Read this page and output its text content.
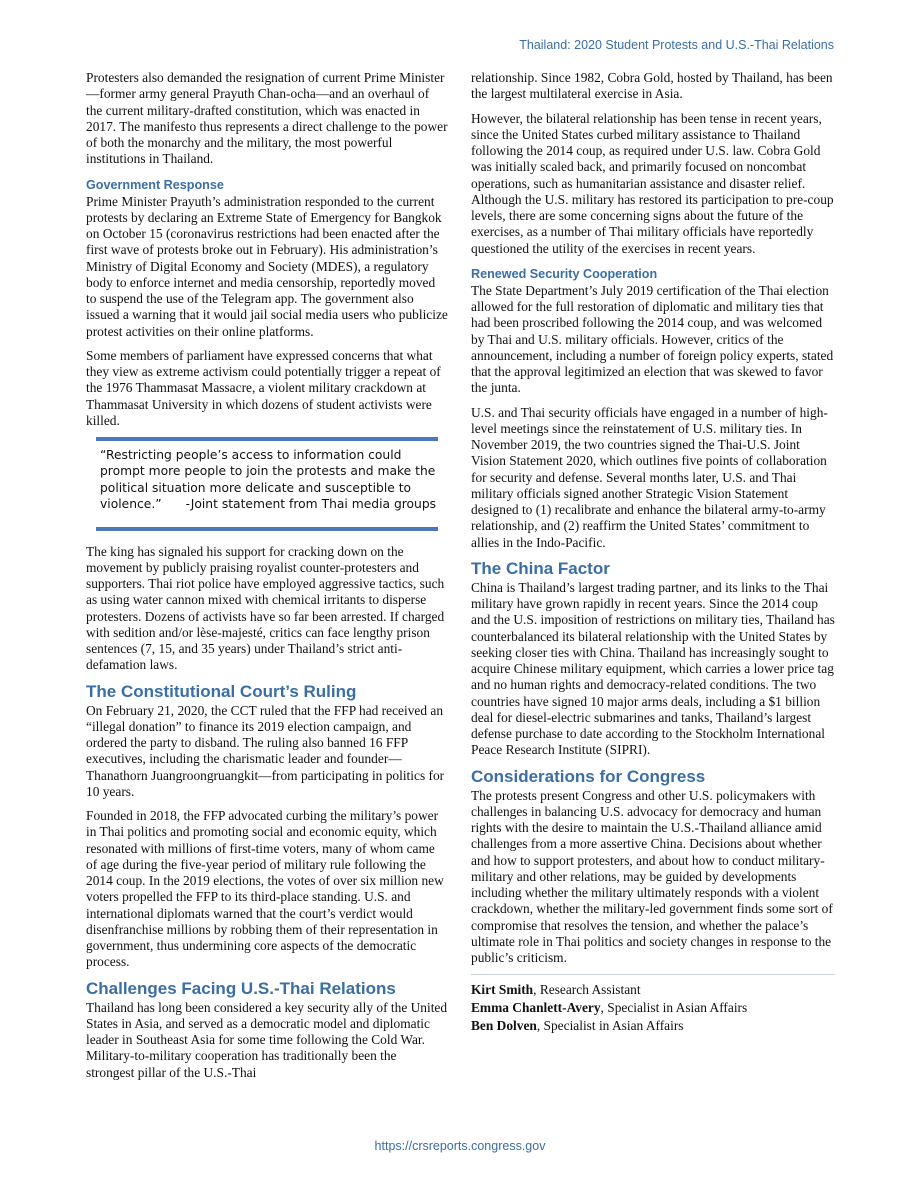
Thailand: 2020 Student Protests and U.S.-Thai Relations

Protesters also demanded the resignation of current Prime Minister—former army general Prayuth Chan-ocha—and an overhaul of the current military-drafted constitution, which was enacted in 2017. The manifesto thus represents a direct challenge to the power of both the monarchy and the military, the most powerful institutions in Thailand.

Government Response

Prime Minister Prayuth’s administration responded to the current protests by declaring an Extreme State of Emergency for Bangkok on October 15 (coronavirus restrictions had been enacted after the first wave of protests broke out in February). His administration’s Ministry of Digital Economy and Society (MDES), a regulatory body to enforce internet and media censorship, reportedly moved to suspend the use of the Telegram app. The government also issued a warning that it would jail social media users who publicize protest activities on their online platforms.

Some members of parliament have expressed concerns that what they view as extreme activism could potentially trigger a repeat of the 1976 Thammasat Massacre, a violent military crackdown at Thammasat University in which dozens of student activists were killed.

“Restricting people’s access to information could prompt more people to join the protests and make the political situation more delicate and susceptible to violence.” -Joint statement from Thai media groups

The king has signaled his support for cracking down on the movement by publicly praising royalist counter-protesters and supporters. Thai riot police have employed aggressive tactics, such as using water cannon mixed with chemical irritants to disperse protesters. Dozens of activists have so far been arrested. If charged with sedition and/or lèse-majesté, critics can face lengthy prison sentences (7, 15, and 35 years) under Thailand’s strict anti-defamation laws.

The Constitutional Court’s Ruling

On February 21, 2020, the CCT ruled that the FFP had received an “illegal donation” to finance its 2019 election campaign, and ordered the party to disband. The ruling also banned 16 FFP executives, including the charismatic leader and founder—Thanathorn Juangroongruangkit—from participating in politics for 10 years.

Founded in 2018, the FFP advocated curbing the military’s power in Thai politics and promoting social and economic equity, which resonated with millions of first-time voters, many of whom came of age during the five-year period of military rule following the 2014 coup. In the 2019 elections, the votes of over six million new voters propelled the FFP to its third-place standing. U.S. and international diplomats warned that the court’s verdict would disenfranchise millions by robbing them of their representation in government, thus undermining core aspects of the democratic process.

Challenges Facing U.S.-Thai Relations

Thailand has long been considered a key security ally of the United States in Asia, and served as a democratic model and diplomatic leader in Southeast Asia for some time following the Cold War. Military-to-military cooperation has traditionally been the strongest pillar of the U.S.-Thai

relationship. Since 1982, Cobra Gold, hosted by Thailand, has been the largest multilateral exercise in Asia.

However, the bilateral relationship has been tense in recent years, since the United States curbed military assistance to Thailand following the 2014 coup, as required under U.S. law. Cobra Gold was initially scaled back, and primarily focused on noncombat operations, such as humanitarian assistance and disaster relief. Although the U.S. military has restored its participation to pre-coup levels, there are some concerning signs about the future of the exercises, as a number of Thai military officials have reportedly questioned the utility of the exercises in recent years.

Renewed Security Cooperation

The State Department’s July 2019 certification of the Thai election allowed for the full restoration of diplomatic and military ties that had been proscribed following the 2014 coup, and was welcomed by Thai and U.S. military officials. However, critics of the announcement, including a number of foreign policy experts, stated that the approval legitimized an election that was skewed to favor the junta.

U.S. and Thai security officials have engaged in a number of high-level meetings since the reinstatement of U.S. military ties. In November 2019, the two countries signed the Thai-U.S. Joint Vision Statement 2020, which outlines five points of collaboration for security and defense. Several months later, U.S. and Thai military officials signed another Strategic Vision Statement designed to (1) recalibrate and enhance the bilateral army-to-army relationship, and (2) reaffirm the United States’ commitment to allies in the Indo-Pacific.

The China Factor

China is Thailand’s largest trading partner, and its links to the Thai military have grown rapidly in recent years. Since the 2014 coup and the U.S. imposition of restrictions on military ties, Thailand has counterbalanced its bilateral relationship with the United States by seeking closer ties with China. Thailand has increasingly sought to acquire Chinese military equipment, which carries a lower price tag and no human rights and democracy-related conditions. The two countries have signed 10 major arms deals, including a $1 billion deal for diesel-electric submarines and tanks, Thailand’s largest defense purchase to date according to the Stockholm International Peace Research Institute (SIPRI).

Considerations for Congress

The protests present Congress and other U.S. policymakers with challenges in balancing U.S. advocacy for democracy and human rights with the desire to maintain the U.S.-Thailand alliance amid challenges from a more assertive China. Decisions about whether and how to support protesters, and about how to conduct military-military and other relations, may be guided by developments including whether the military ultimately responds with a violent crackdown, whether the military-led government finds some sort of compromise that resolves the tension, and whether the palace’s ultimate role in Thai politics and society changes in response to the public’s criticism.

Kirt Smith, Research Assistant
Emma Chanlett-Avery, Specialist in Asian Affairs
Ben Dolven, Specialist in Asian Affairs
https://crsreports.congress.gov
